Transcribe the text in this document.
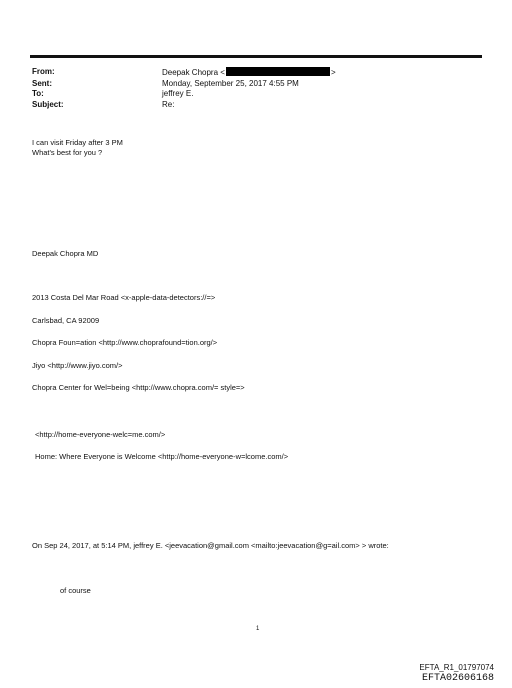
From:	Deepak Chopra <	>
Sent:	Monday, September 25, 2017 4:55 PM
To:	jeffrey E.
Subject:	Re:
I can visit Friday after 3 PM
What's best for you ?
Deepak Chopra MD
2013 Costa Del Mar Road <x-apple-data-detectors://=>
Carlsbad, CA 92009
Chopra Foun=ation <http://www.choprafound=tion.org/>
Jiyo <http://www.jiyo.com/>
Chopra Center for Wel=being <http://www.chopra.com/= style=>
<http://home-everyone-welc=me.com/>
Home: Where Everyone is Welcome <http://home-everyone-w=lcome.com/>
On Sep 24, 2017, at 5:14 PM, jeffrey E. <jeevacation@gmail.com <mailto:jeevacation@g=ail.com> > wrote:
of course
1
EFTA_R1_01797074
EFTA02606168
